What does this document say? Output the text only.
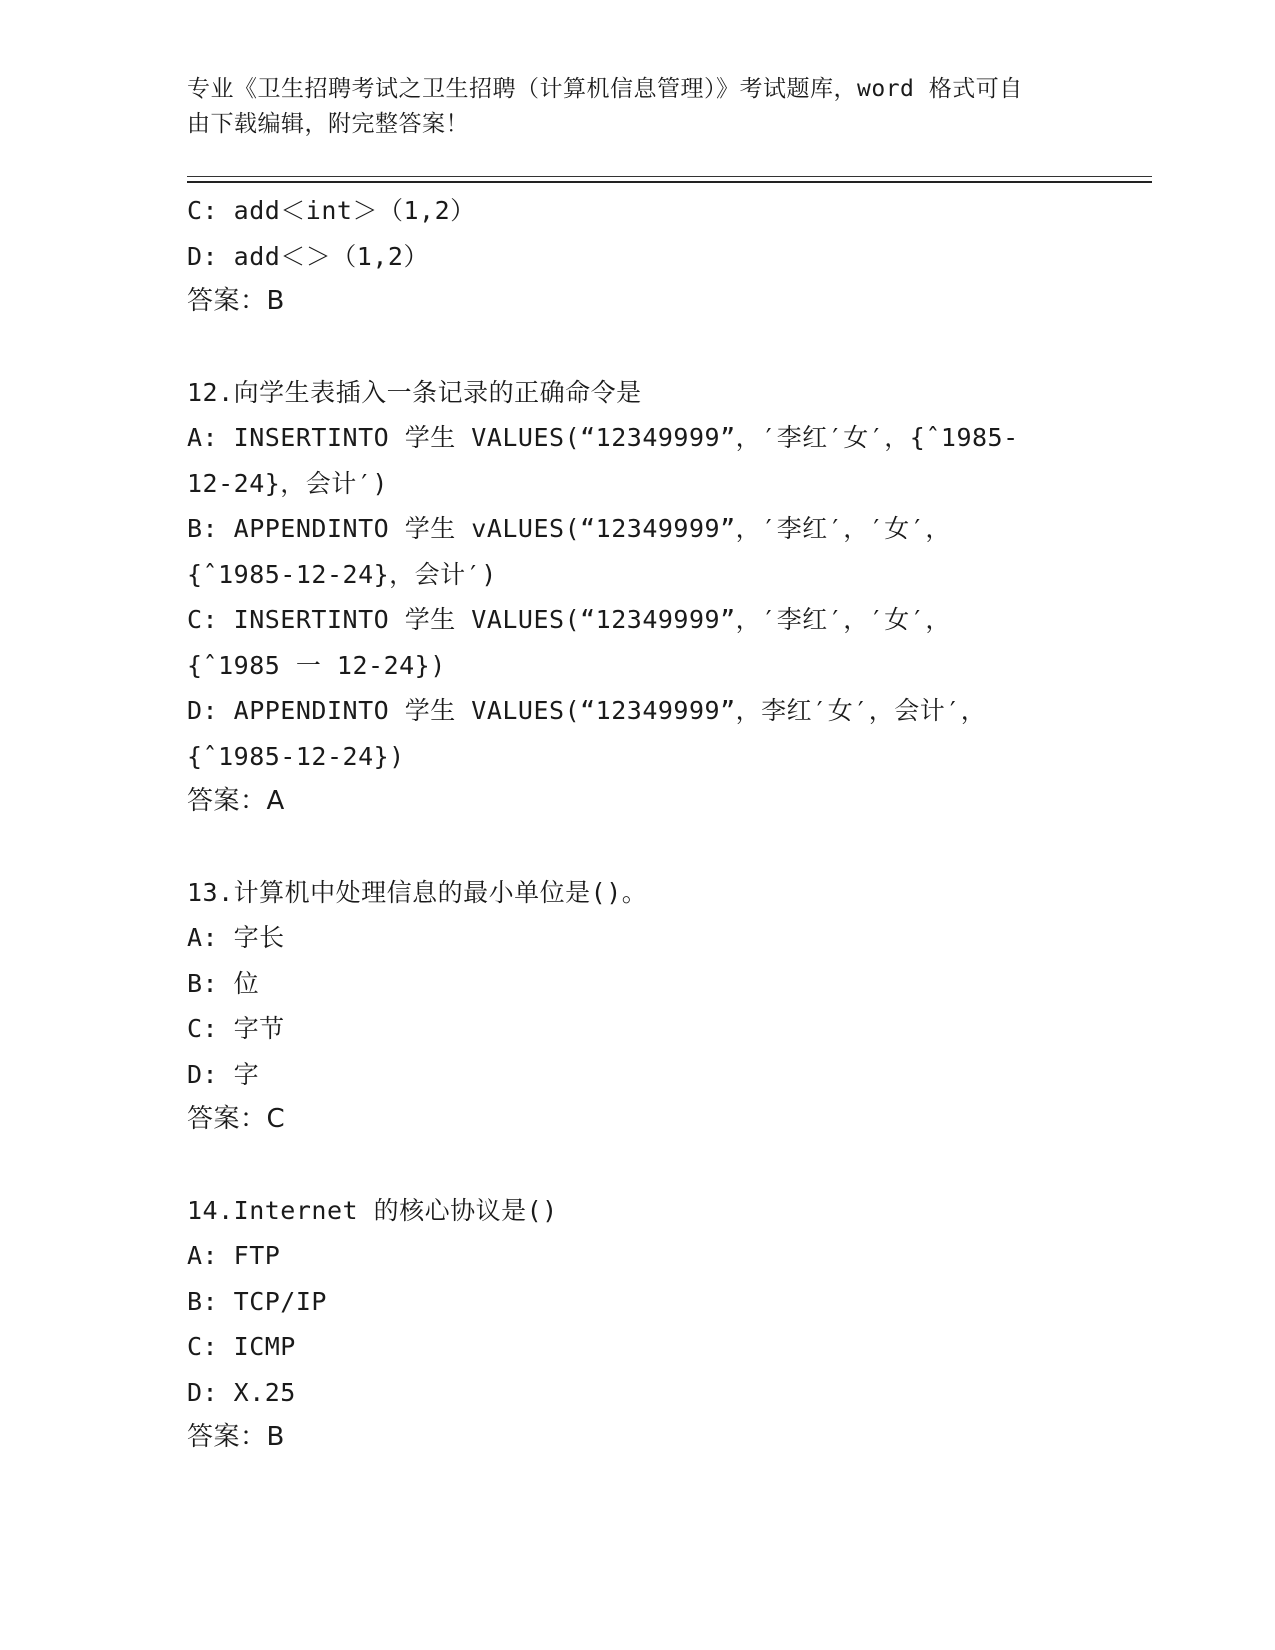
专业《卫生招聘考试之卫生招聘（计算机信息管理）》考试题库，word 格式可自
由下载编辑，附完整答案！
C: add＜int＞（1,2）
D: add＜＞（1,2）
答案：B
12.向学生表插入一条记录的正确命令是
A: INSERTINTO 学生 VALUES(“12349999”，′李红′女′，{ˆ1985-
12-24}，会计′)
B: APPENDINTO 学生 vALUES(“12349999”，′李红′，′女′，
{ˆ1985-12-24}，会计′)
C: INSERTINTO 学生 VALUES(“12349999”，′李红′，′女′，
{ˆ1985 一 12-24})
D: APPENDINTO 学生 VALUES(“12349999”，李红′女′，会计′，
{ˆ1985-12-24})
答案：A
13.计算机中处理信息的最小单位是()。
A: 字长
B: 位
C: 字节
D: 字
答案：C
14.Internet 的核心协议是()
A: FTP
B: TCP/IP
C: ICMP
D: X.25
答案：B
